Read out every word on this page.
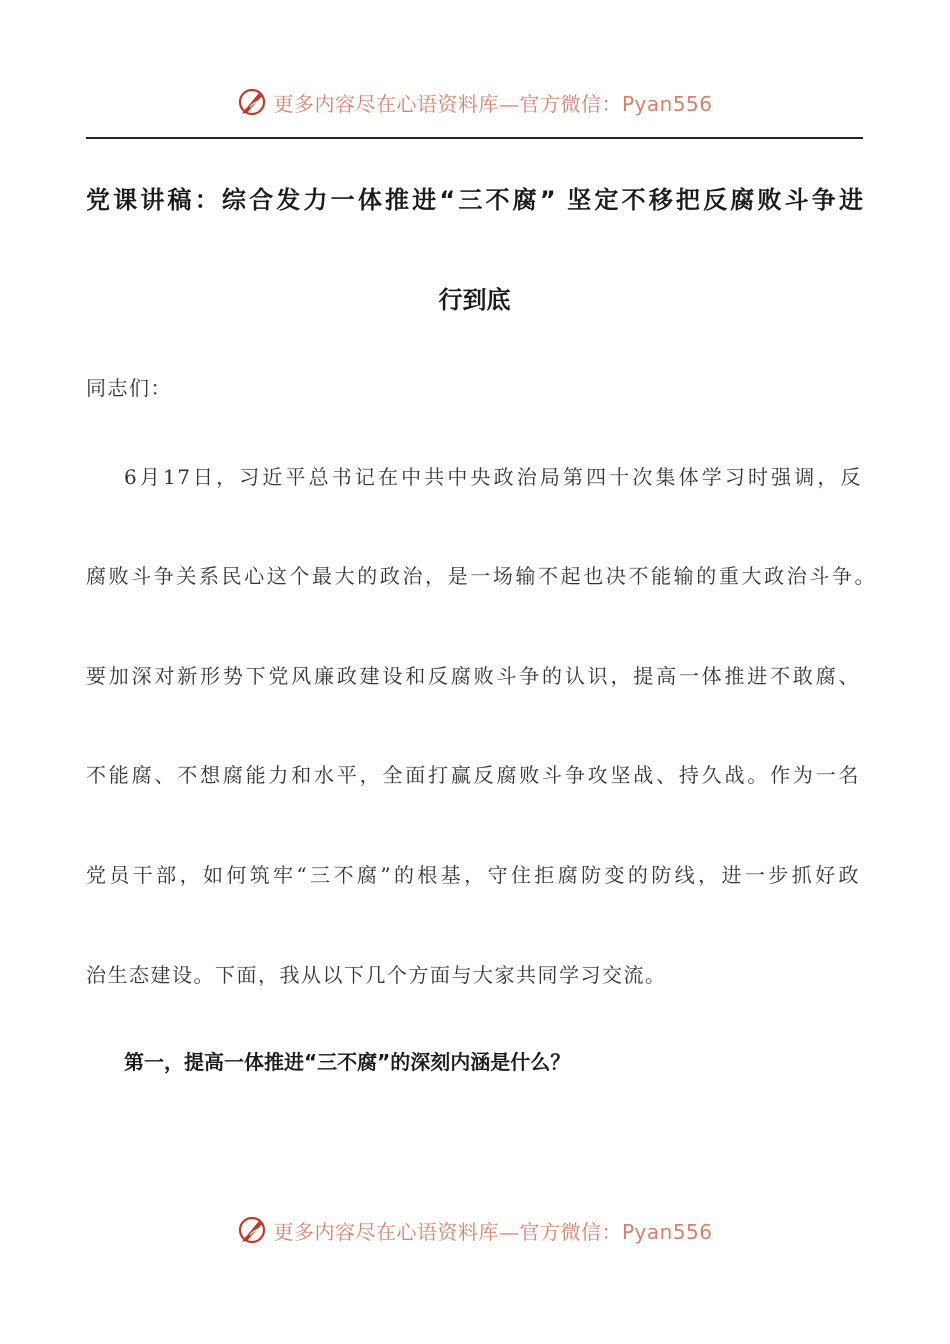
更多内容尽在心语资料库—官方微信：Pyan556
党课讲稿：综合发力一体推进“三不腐” 坚定不移把反腐败斗争进
行到底
同志们：
6月17日，习近平总书记在中共中央政治局第四十次集体学习时强调，反
腐败斗争关系民心这个最大的政治，是一场输不起也决不能输的重大政治斗争。
要加深对新形势下党风廉政建设和反腐败斗争的认识，提高一体推进不敢腐、
不能腐、不想腐能力和水平，全面打赢反腐败斗争攻坚战、持久战。作为一名
党员干部，如何筑牢“三不腐”的根基，守住拒腐防变的防线，进一步抓好政
治生态建设。下面，我从以下几个方面与大家共同学习交流。
第一，提高一体推进“三不腐”的深刻内涵是什么？
更多内容尽在心语资料库—官方微信：Pyan556
